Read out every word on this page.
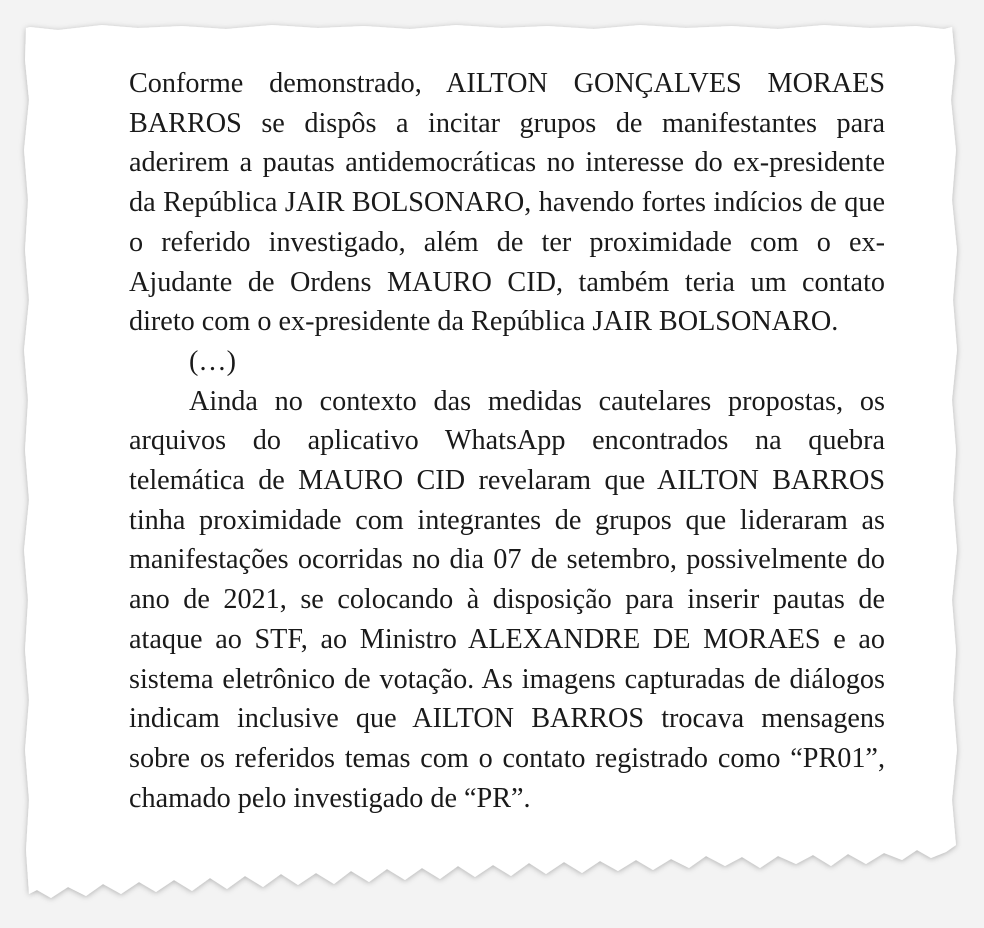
Conforme demonstrado, AILTON GONÇALVES MORAES BARROS se dispôs a incitar grupos de manifestantes para aderirem a pautas antidemocráticas no interesse do ex-presidente da República JAIR BOLSONARO, havendo fortes indícios de que o referido investigado, além de ter proximidade com o ex-Ajudante de Ordens MAURO CID, também teria um contato direto com o ex-presidente da República JAIR BOLSONARO.

(…)

Ainda no contexto das medidas cautelares propostas, os arquivos do aplicativo WhatsApp encontrados na quebra telemática de MAURO CID revelaram que AILTON BARROS tinha proximidade com integrantes de grupos que lideraram as manifestações ocorridas no dia 07 de setembro, possivelmente do ano de 2021, se colocando à disposição para inserir pautas de ataque ao STF, ao Ministro ALEXANDRE DE MORAES e ao sistema eletrônico de votação. As imagens capturadas de diálogos indicam inclusive que AILTON BARROS trocava mensagens sobre os referidos temas com o contato registrado como “PR01”, chamado pelo investigado de “PR”.
